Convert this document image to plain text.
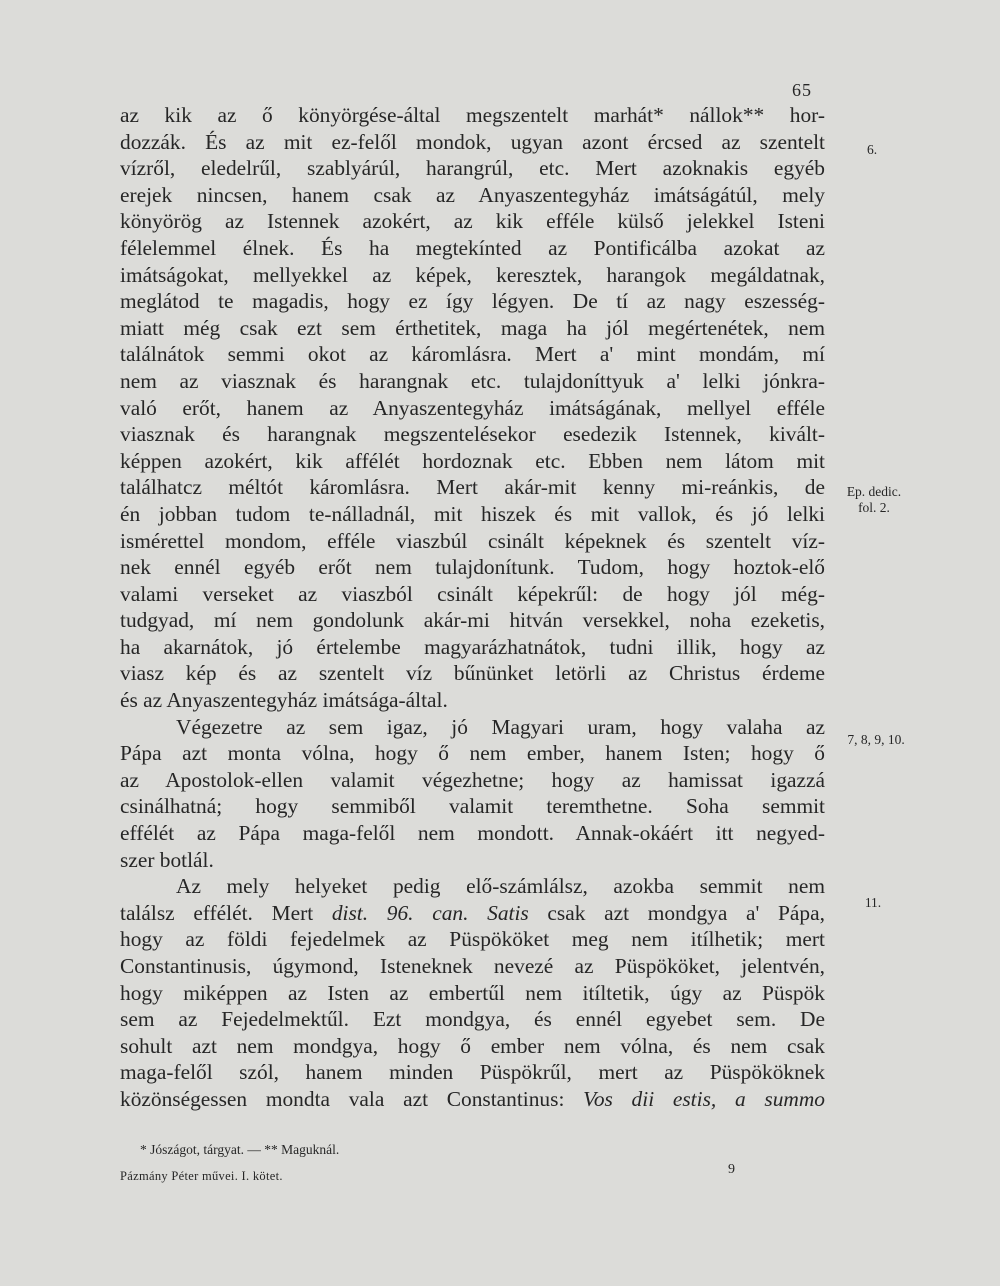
65
az kik az ő könyörgése-által megszentelt marhát* nállok** hor-
dozzák. És az mit ez-felől mondok, ugyan azont ércsed az szentelt
vízről, eledelrűl, szablyárúl, harangrúl, etc. Mert azoknakis egyéb
erejek nincsen, hanem csak az Anyaszentegyház imátságátúl, mely
könyörög az Istennek azokért, az kik efféle külső jelekkel Isteni
félelemmel élnek. És ha megtekínted az Pontificálba azokat az
imátságokat, mellyekkel az képek, keresztek, harangok megáldatnak,
meglátod te magadis, hogy ez így légyen. De tí az nagy eszesség-
miatt még csak ezt sem érthetitek, maga ha jól megértenétek, nem
találnátok semmi okot az káromlásra. Mert a' mint mondám, mí
nem az viasznak és harangnak etc. tulajdoníttyuk a' lelki jónkra-
való erőt, hanem az Anyaszentegyház imátságának, mellyel efféle
viasznak és harangnak megszentelésekor esedezik Istennek, kivált-
képpen azokért, kik affélét hordoznak etc. Ebben nem látom mit
találhatcz méltót káromlásra. Mert akár-mit kenny mi-reánkis, de
én jobban tudom te-nálladnál, mit hiszek és mit vallok, és jó lelki
ismérettel mondom, efféle viaszbúl csinált képeknek és szentelt víz-
nek ennél egyéb erőt nem tulajdonítunk. Tudom, hogy hoztok-elő
valami verseket az viaszból csinált képekrűl: de hogy jól még-
tudgyad, mí nem gondolunk akár-mi hitván versekkel, noha ezeketis,
ha akarnátok, jó értelembe magyarázhatnátok, tudni illik, hogy az
viasz kép és az szentelt víz bűnünket letörli az Christus érdeme
és az Anyaszentegyház imátsága-által.
Végezetre az sem igaz, jó Magyari uram, hogy valaha az
Pápa azt monta vólna, hogy ő nem ember, hanem Isten; hogy ő
az Apostolok-ellen valamit végezhetne; hogy az hamissat igazzá
csinálhatná; hogy semmiből valamit teremthetne. Soha semmit
effélét az Pápa maga-felől nem mondott. Annak-okáért itt negyed-
szer botlál.
Az mely helyeket pedig elő-számlálsz, azokba semmit nem
találsz effélét. Mert dist. 96. can. Satis csak azt mondgya a' Pápa,
hogy az földi fejedelmek az Püspököket meg nem itílhetik; mert
Constantinusis, úgymond, Isteneknek nevezé az Püspököket, jelentvén,
hogy miképpen az Isten az embertűl nem itíltetik, úgy az Püspök
sem az Fejedelmektűl. Ezt mondgya, és ennél egyebet sem. De
sohult azt nem mondgya, hogy ő ember nem vólna, és nem csak
maga-felől szól, hanem minden Püspökrűl, mert az Püspököknek
közönségessen mondta vala azt Constantinus: Vos dii estis, a summo
6.
Ep. dedic.
fol. 2.
7, 8, 9, 10.
11.
* Jószágot, tárgyat. — ** Maguknál.
Pázmány Péter művei. I. kötet.	9
